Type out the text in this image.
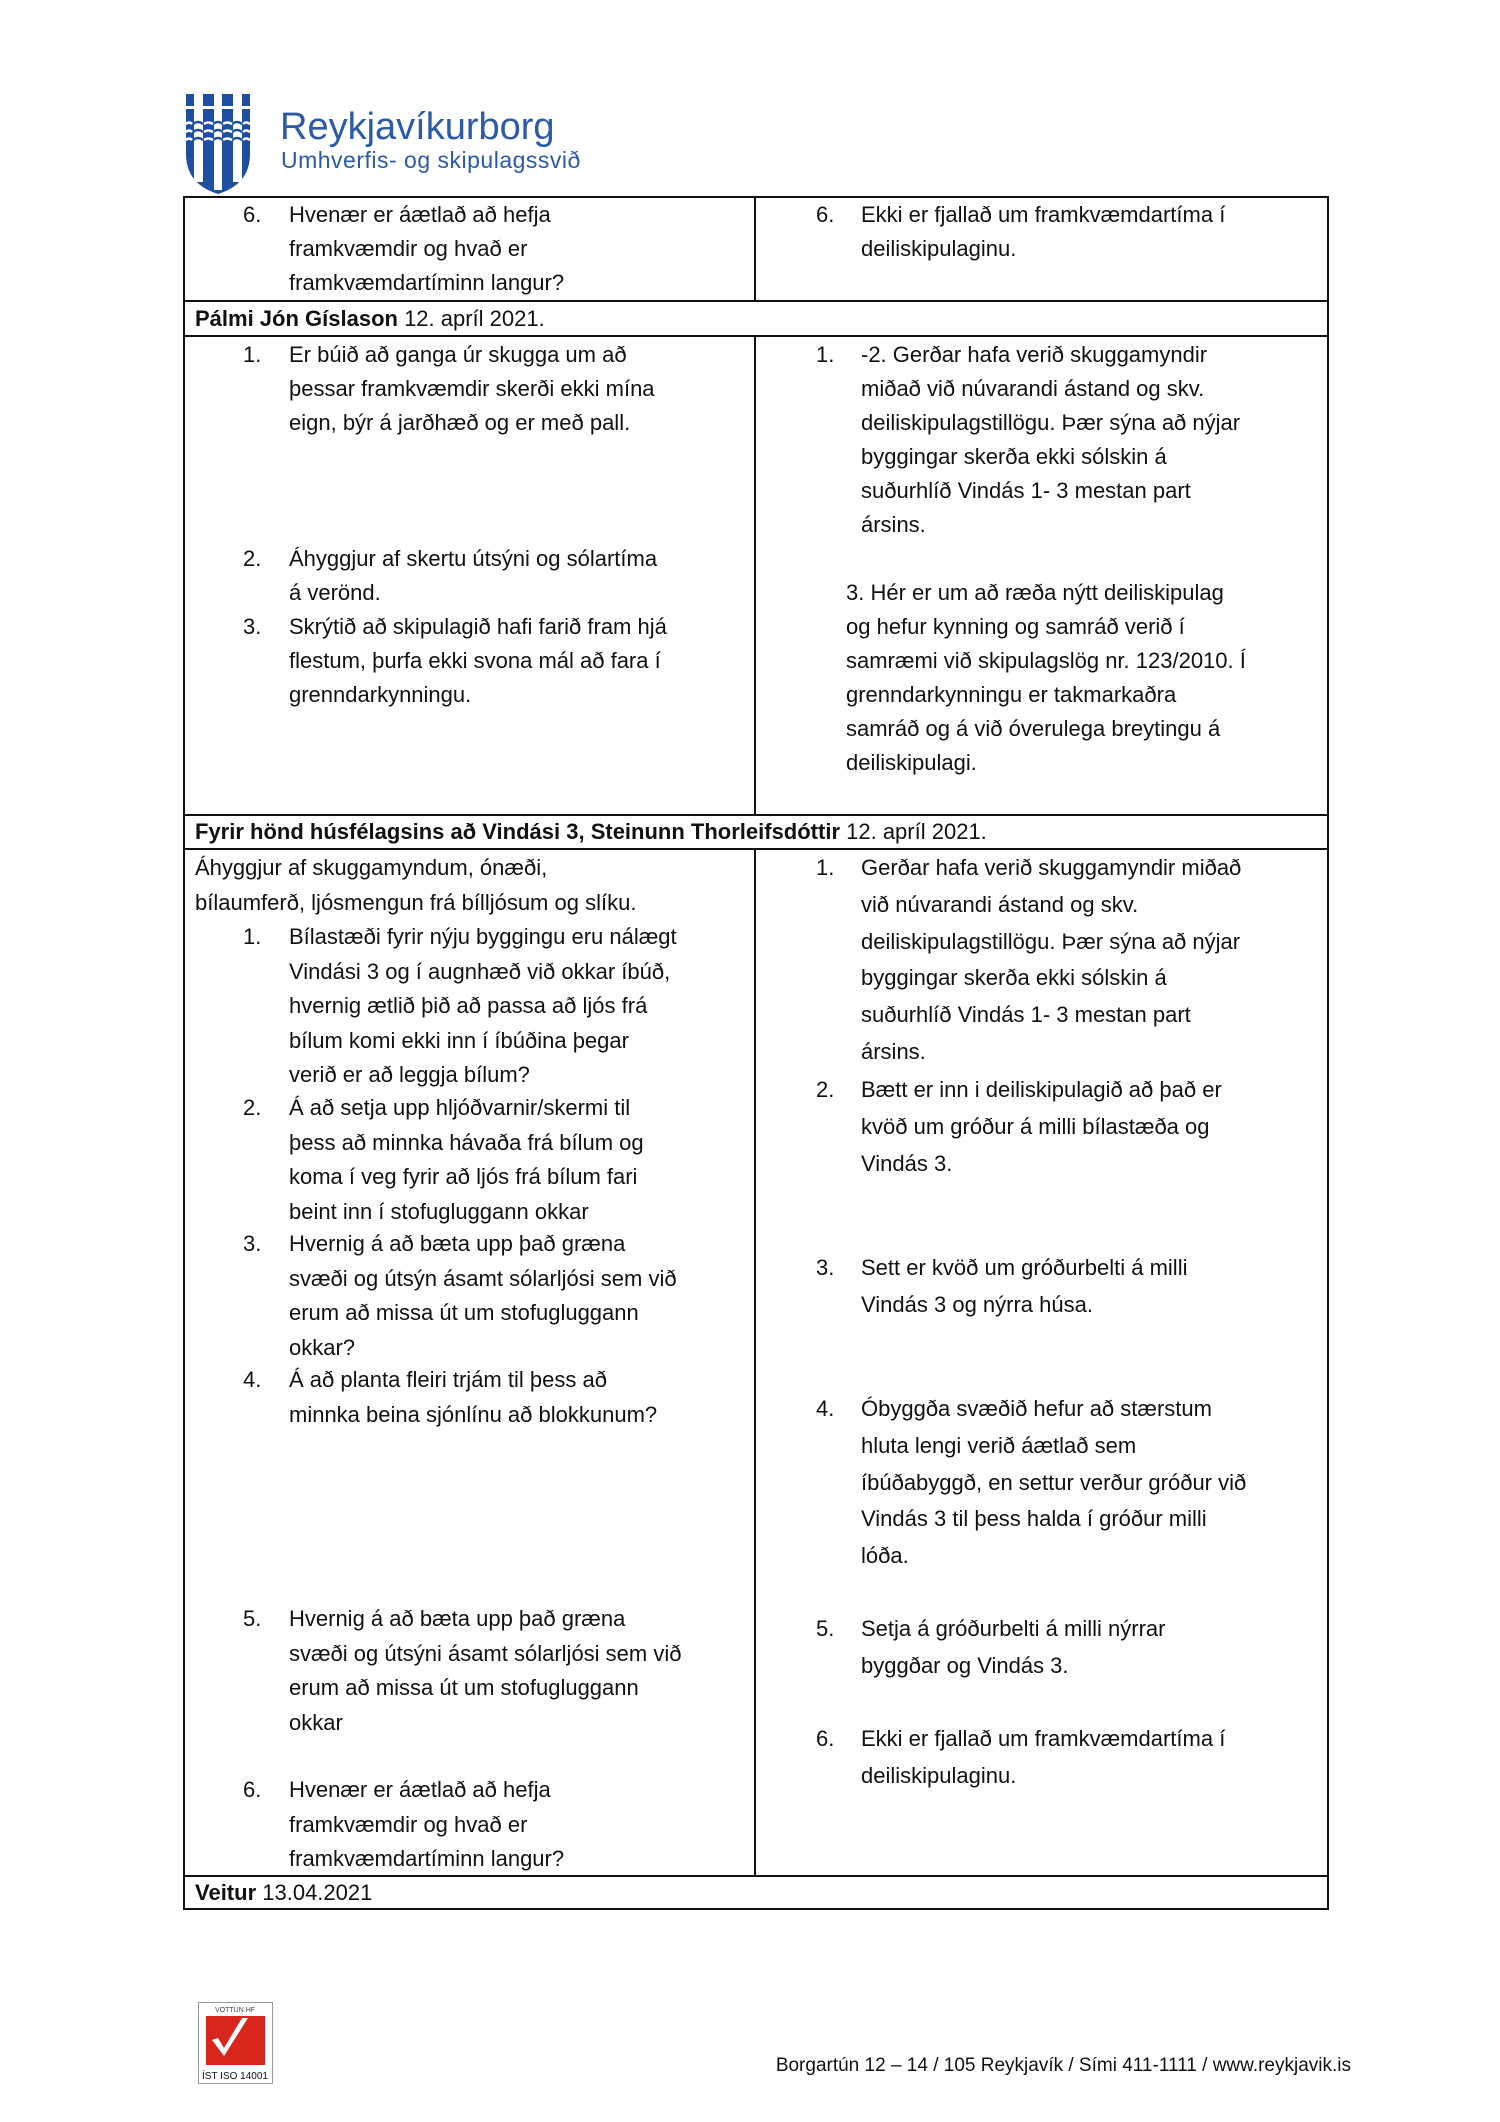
Reykjavíkurborg
Umhverfis- og skipulagssvið
Pálmi Jón Gíslason 12. apríl 2021.
Fyrir hönd húsfélagsins að Vindási 3, Steinunn Thorleifsdóttir 12. apríl 2021.
Veitur 13.04.2021
6. Hvenær er áætlað að hefja
framkvæmdir og hvað er
framkvæmdartíminn langur?
6. Ekki er fjallað um framkvæmdartíma í
deiliskipulaginu.
1. Er búið að ganga úr skugga um að
þessar framkvæmdir skerði ekki mína
eign, býr á jarðhæð og er með pall.
2. Áhyggjur af skertu útsýni og sólartíma
á verönd.
3. Skrýtið að skipulagið hafi farið fram hjá
flestum, þurfa ekki svona mál að fara í
grenndarkynningu.
1. -2. Gerðar hafa verið skuggamyndir
miðað við núvarandi ástand og skv.
deiliskipulagstillögu. Þær sýna að nýjar
byggingar skerða ekki sólskin á
suðurhlíð Vindás 1- 3 mestan part
ársins.
3. Hér er um að ræða nýtt deiliskipulag
og hefur kynning og samráð verið í
samræmi við skipulagslög nr. 123/2010. Í
grenndarkynningu er takmarkaðra
samráð og á við óverulega breytingu á
deiliskipulagi.
Áhyggjur af skuggamyndum, ónæði,
bílaumferð, ljósmengun frá bílljósum og slíku.
1. Bílastæði fyrir nýju byggingu eru nálægt
Vindási 3 og í augnhæð við okkar íbúð,
hvernig ætlið þið að passa að ljós frá
bílum komi ekki inn í íbúðina þegar
verið er að leggja bílum?
2. Á að setja upp hljóðvarnir/skermi til
þess að minnka hávaða frá bílum og
koma í veg fyrir að ljós frá bílum fari
beint inn í stofugluggann okkar
3. Hvernig á að bæta upp það græna
svæði og útsýn ásamt sólarljósi sem við
erum að missa út um stofugluggann
okkar?
4. Á að planta fleiri trjám til þess að
minnka beina sjónlínu að blokkunum?
5. Hvernig á að bæta upp það græna
svæði og útsýni ásamt sólarljósi sem við
erum að missa út um stofugluggann
okkar
6. Hvenær er áætlað að hefja
framkvæmdir og hvað er
framkvæmdartíminn langur?
1. Gerðar hafa verið skuggamyndir miðað
við núvarandi ástand og skv.
deiliskipulagstillögu. Þær sýna að nýjar
byggingar skerða ekki sólskin á
suðurhlíð Vindás 1- 3 mestan part
ársins.
2. Bætt er inn i deiliskipulagið að það er
kvöð um gróður á milli bílastæða og
Vindás 3.
3. Sett er kvöð um gróðurbelti á milli
Vindás 3 og nýrra húsa.
4. Óbyggða svæðið hefur að stærstum
hluta lengi verið áætlað sem
íbúðabyggð, en settur verður gróður við
Vindás 3 til þess halda í gróður milli
lóða.
5. Setja á gróðurbelti á milli nýrrar
byggðar og Vindás 3.
6. Ekki er fjallað um framkvæmdartíma í
deiliskipulaginu.
VOTTUN HF
ÍST ISO 14001
Borgartún 12 – 14 / 105 Reykjavík / Sími 411-1111 / www.reykjavik.is
